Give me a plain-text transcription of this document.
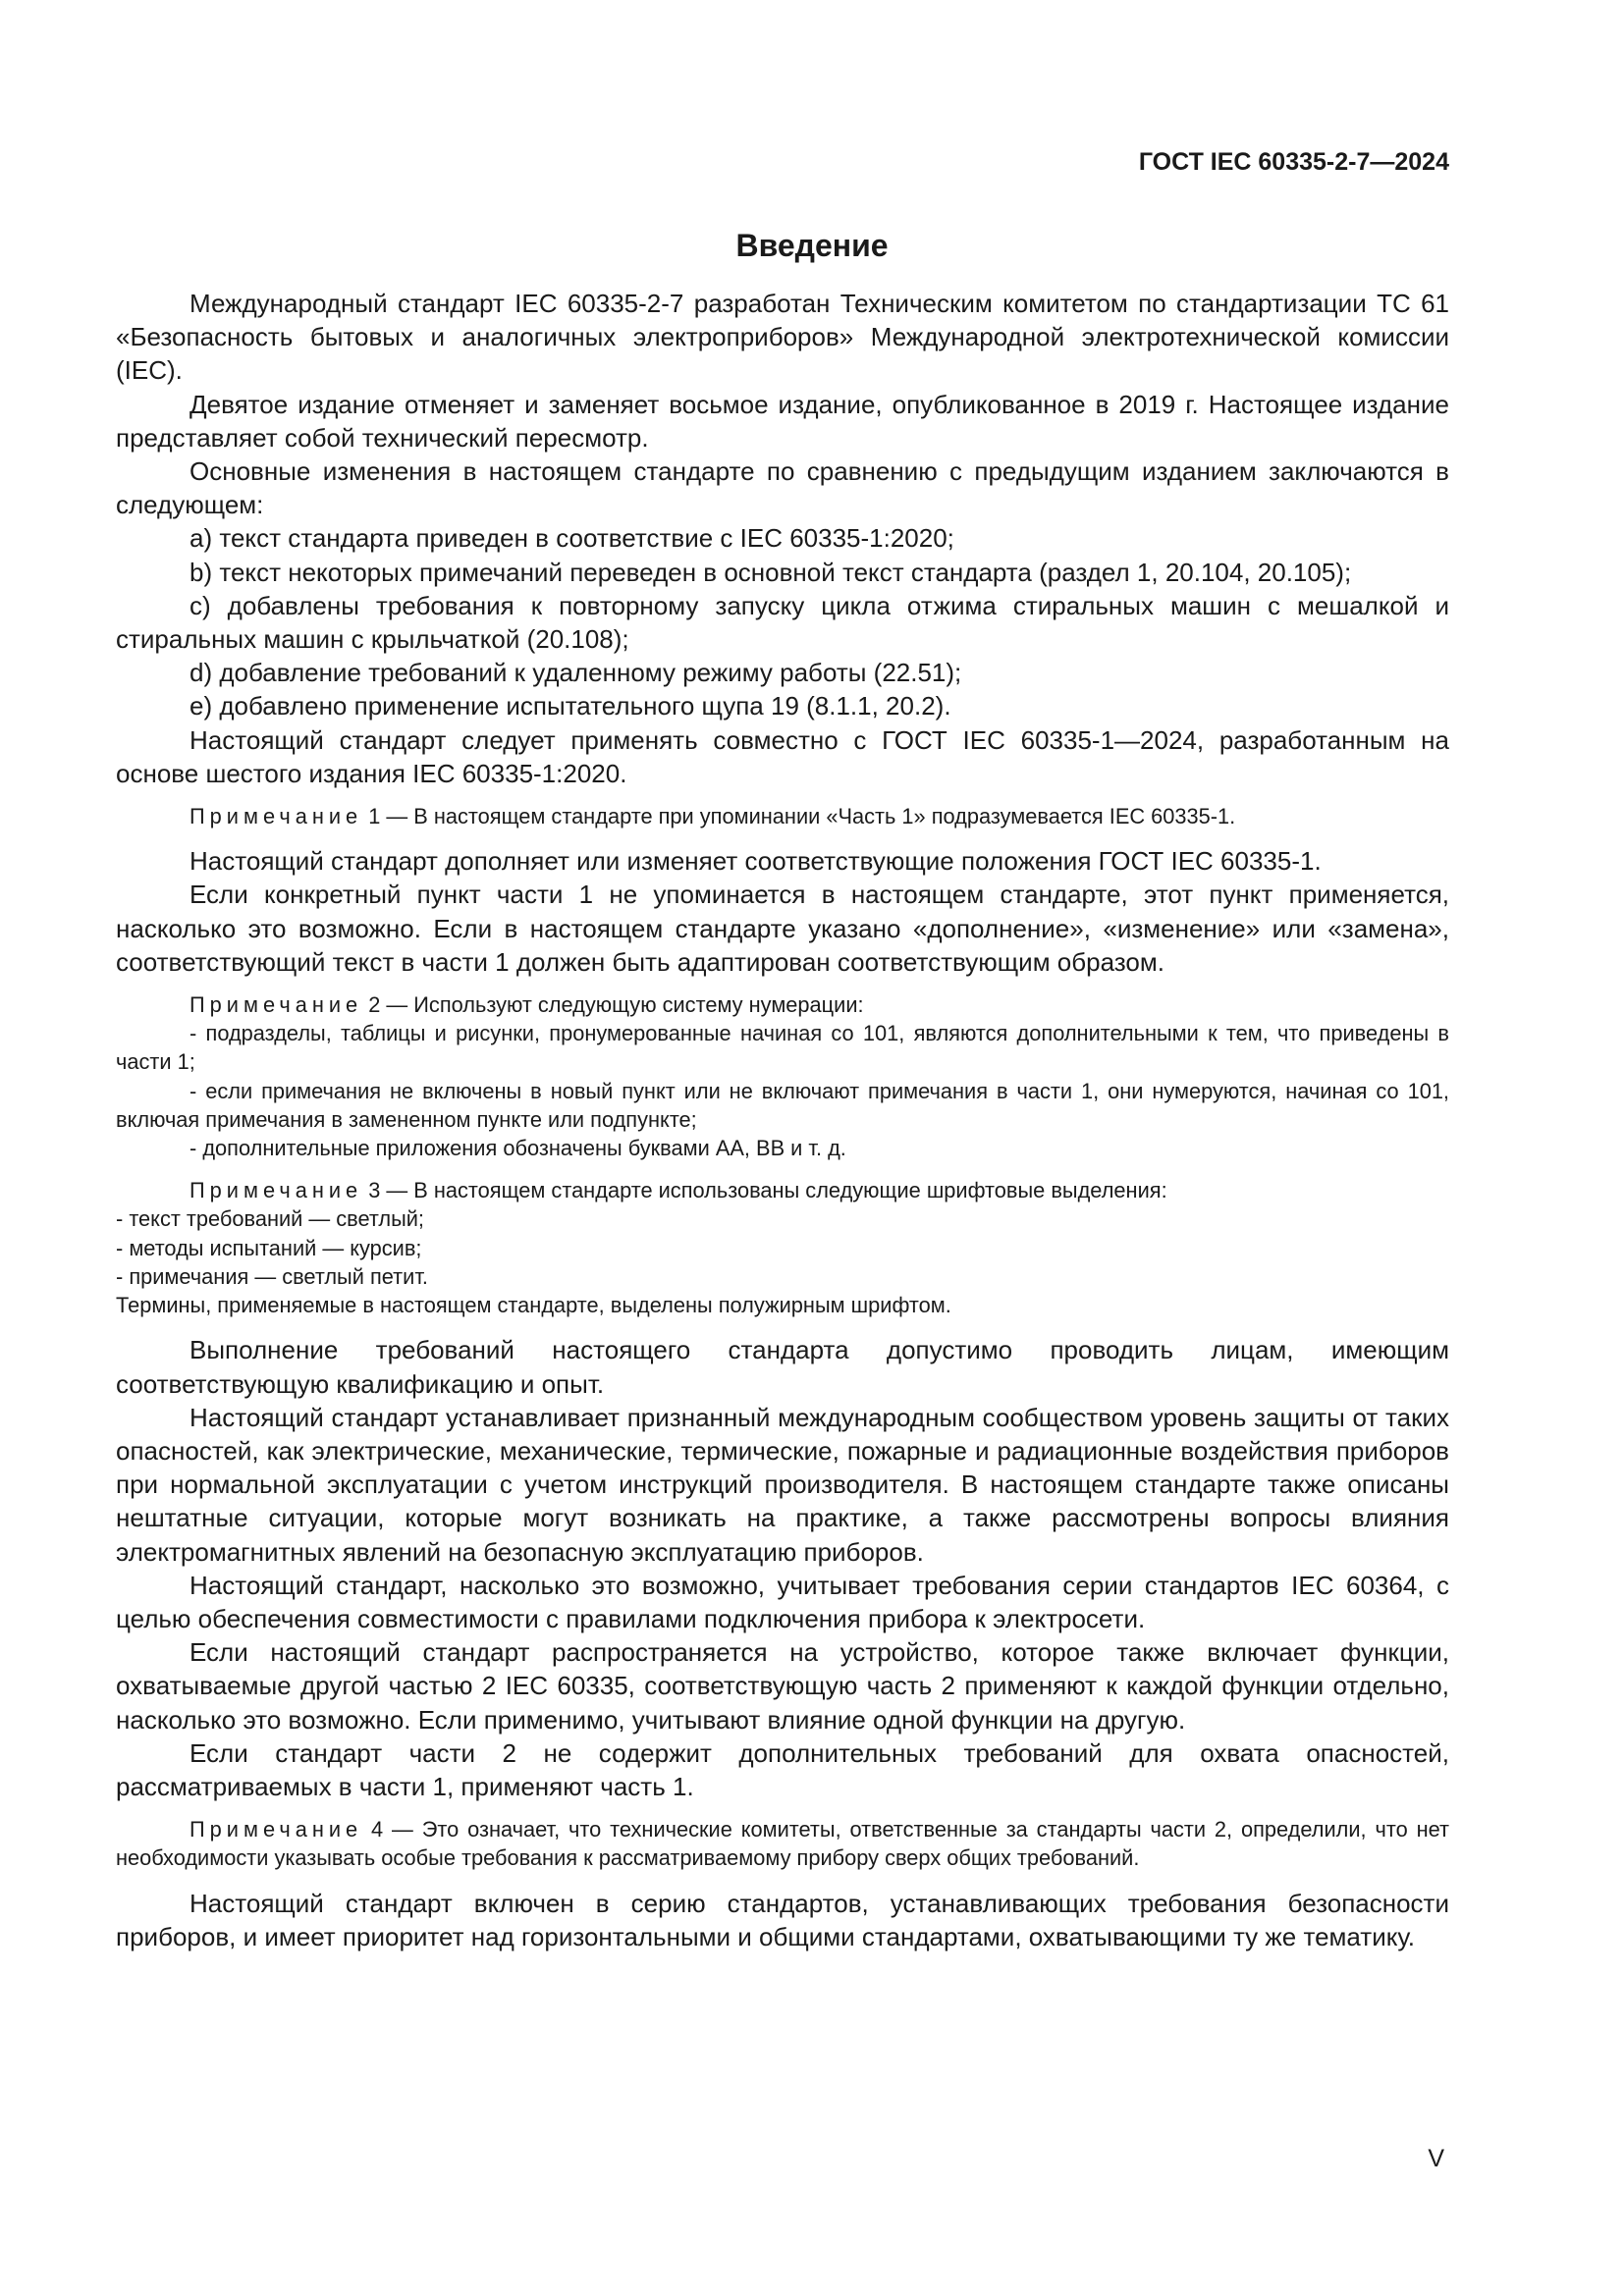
ГОСТ IEC 60335-2-7—2024
Введение

Международный стандарт IEC 60335-2-7 разработан Техническим комитетом по стандартизации ТС 61 «Безопасность бытовых и аналогичных электроприборов» Международной электротехнической комиссии (IEC).

Девятое издание отменяет и заменяет восьмое издание, опубликованное в 2019 г. Настоящее издание представляет собой технический пересмотр.

Основные изменения в настоящем стандарте по сравнению с предыдущим изданием заключаются в следующем:

а) текст стандарта приведен в соответствие с IEC 60335-1:2020;

b) текст некоторых примечаний переведен в основной текст стандарта (раздел 1, 20.104, 20.105);

с) добавлены требования к повторному запуску цикла отжима стиральных машин с мешалкой и стиральных машин с крыльчаткой (20.108);

d) добавление требований к удаленному режиму работы (22.51);

е) добавлено применение испытательного щупа 19 (8.1.1, 20.2).

Настоящий стандарт следует применять совместно с ГОСТ IEC 60335-1—2024, разработанным на основе шестого издания IEC 60335-1:2020.

Примечание 1 — В настоящем стандарте при упоминании «Часть 1» подразумевается IEC 60335-1.

Настоящий стандарт дополняет или изменяет соответствующие положения ГОСТ IEC 60335-1.

Если конкретный пункт части 1 не упоминается в настоящем стандарте, этот пункт применяется, насколько это возможно. Если в настоящем стандарте указано «дополнение», «изменение» или «замена», соответствующий текст в части 1 должен быть адаптирован соответствующим образом.

Примечание 2 — Используют следующую систему нумерации:

- подразделы, таблицы и рисунки, пронумерованные начиная со 101, являются дополнительными к тем, что приведены в части 1;

- если примечания не включены в новый пункт или не включают примечания в части 1, они нумеруются, начиная со 101, включая примечания в замененном пункте или подпункте;

- дополнительные приложения обозначены буквами АА, ВВ и т. д.

Примечание 3 — В настоящем стандарте использованы следующие шрифтовые выделения:

- текст требований — светлый;

- методы испытаний — курсив;

- примечания — светлый петит.

Термины, применяемые в настоящем стандарте, выделены полужирным шрифтом.

Выполнение требований настоящего стандарта допустимо проводить лицам, имеющим соответствующую квалификацию и опыт.

Настоящий стандарт устанавливает признанный международным сообществом уровень защиты от таких опасностей, как электрические, механические, термические, пожарные и радиационные воздействия приборов при нормальной эксплуатации с учетом инструкций производителя. В настоящем стандарте также описаны нештатные ситуации, которые могут возникать на практике, а также рассмотрены вопросы влияния электромагнитных явлений на безопасную эксплуатацию приборов.

Настоящий стандарт, насколько это возможно, учитывает требования серии стандартов IEC 60364, с целью обеспечения совместимости с правилами подключения прибора к электросети.

Если настоящий стандарт распространяется на устройство, которое также включает функции, охватываемые другой частью 2 IEC 60335, соответствующую часть 2 применяют к каждой функции отдельно, насколько это возможно. Если применимо, учитывают влияние одной функции на другую.

Если стандарт части 2 не содержит дополнительных требований для охвата опасностей, рассматриваемых в части 1, применяют часть 1.

Примечание 4 — Это означает, что технические комитеты, ответственные за стандарты части 2, определили, что нет необходимости указывать особые требования к рассматриваемому прибору сверх общих требований.

Настоящий стандарт включен в серию стандартов, устанавливающих требования безопасности приборов, и имеет приоритет над горизонтальными и общими стандартами, охватывающими ту же тематику.

V
